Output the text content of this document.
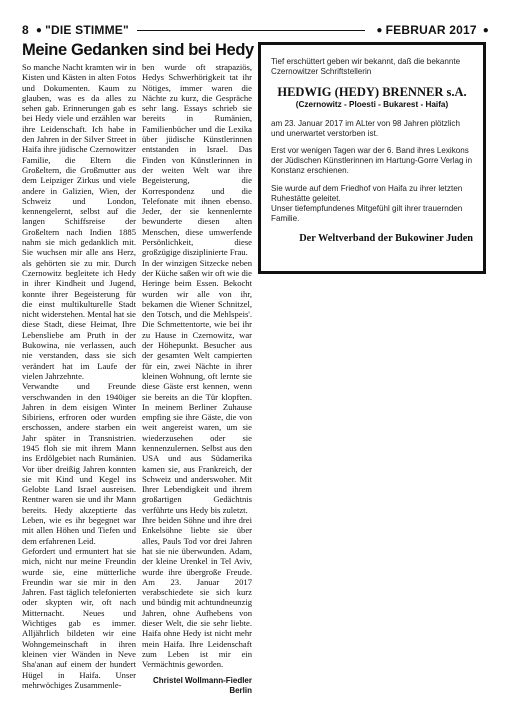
8 ● "DIE STIMME"	● FEBRUAR 2017 ●
Meine Gedanken sind bei Hedy

So manche Nacht kramten wir in Kisten und Kästen in alten Fotos und Dokumenten. Kaum zu glauben, was es da alles zu sehen gab. Erinnerungen gab es bei Hedy viele und erzählen war ihre Leidenschaft. Ich habe in den Jahren in der Silver Street in Haifa ihre jüdische Czernowitzer Familie, die Eltern die Großeltern, die Großmutter aus dem Leipziger Zirkus und viele andere in Galizien, Wien, der Schweiz und London, kennengelernt, selbst auf die langen Schiffsreise der Großeltern nach Indien 1885 nahm sie mich gedanklich mit. Sie wuchsen mir alle ans Herz, als gehörten sie zu mir. Durch Czernowitz begleitete ich Hedy in ihrer Kindheit und Jugend, konnte ihrer Begeisterung für die einst multikulturelle Stadt nicht widerstehen. Mental hat sie diese Stadt, diese Heimat, Ihre Lebensliebe am Pruth in der Bukowina, nie verlassen, auch nie verstanden, dass sie sich verändert hat im Laufe der vielen Jahrzehnte.

Verwandte und Freunde verschwanden in den 1940iger Jahren in dem eisigen Winter Sibiriens, erfroren oder wurden erschossen, andere starben ein Jahr später in Transnistrien. 1945 floh sie mit ihrem Mann ins Erdölgebiet nach Rumänien. Vor über dreißig Jahren konnten sie mit Kind und Kegel ins Gelobte Land Israel ausreisen. Rentner waren sie und ihr Mann bereits. Hedy akzeptierte das Leben, wie es ihr begegnet war mit allen Höhen und Tiefen und dem erfahrenen Leid.

Gefordert und ermuntert hat sie mich, nicht nur meine Freundin wurde sie, eine mütterliche Freundin war sie mir in den Jahren. Fast täglich telefonierten oder skypten wir, oft nach Mitternacht. Neues und Wichtiges gab es immer. Alljährlich bildeten wir eine Wohngemeinschaft in ihren kleinen vier Wänden in Neve Sha'anan auf einem der hundert Hügel in Haifa. Unser mehrwöchiges Zusammenle-

ben wurde oft strapaziös, Hedys Schwerhörigkeit tat ihr Nötiges, immer waren die Nächte zu kurz, die Gespräche sehr lang. Essays schrieb sie bereits in Rumänien, Familienbücher und die Lexika über jüdische Künstlerinnen entstanden in Israel. Das Finden von Künstlerinnen in der weiten Welt war ihre Begeisterung, die Korrespondenz und die Telefonate mit ihnen ebenso. Jeder, der sie kennenlernte bewunderte diesen alten Menschen, diese umwerfende Persönlichkeit, diese großzügige disziplinierte Frau.

In der winzigen Sitzecke neben der Küche saßen wir oft wie die Heringe beim Essen. Bekocht wurden wir alle von ihr, bekamen die Wiener Schnitzel, den Totsch, und die Mehlspeis'. Die Schmettentorte, wie bei ihr zu Hause in Czernowitz, war der Höhepunkt. Besucher aus der gesamten Welt campierten für ein, zwei Nächte in ihrer kleinen Wohnung, oft lernte sie diese Gäste erst kennen, wenn sie bereits an die Tür klopften. In meinem Berliner Zuhause empfing sie ihre Gäste, die von weit angereist waren, um sie wiederzusehen oder sie kennenzulernen. Selbst aus den USA und aus Südamerika kamen sie, aus Frankreich, der Schweiz und anderswoher. Mit Ihrer Lebendigkeit und ihrem großartigen Gedächtnis verführte uns Hedy bis zuletzt.

Ihre beiden Söhne und ihre drei Enkelsöhne liebte sie über alles, Pauls Tod vor drei Jahren hat sie nie überwunden. Adam, der kleine Urenkel in Tel Aviv, wurde ihre übergroße Freude. Am 23. Januar 2017 verabschiedete sie sich kurz und bündig mit achtundneunzig Jahren, ohne Aufhebens von dieser Welt, die sie sehr liebte. Haifa ohne Hedy ist nicht mehr mein Haifa. Ihre Leidenschaft zum Leben ist mir ein Vermächtnis geworden.

Christel Wollmann-Fiedler
Berlin

Tief erschüttert geben wir bekannt, daß die bekannte Czernowitzer Schriftstellerin

HEDWIG (HEDY) BRENNER s.A.
(Czernowitz - Ploesti - Bukarest - Haifa)

am 23. Januar 2017 im ALter von 98 Jahren plötzlich und unerwartet verstorben ist.

Erst vor wenigen Tagen war der 6. Band ihres Lexikons der Jüdischen Künstlerinnen im Hartung-Gorre Verlag in Konstanz erschienen.

Sie wurde auf dem Friedhof von Haifa zu ihrer letzten Ruhestätte geleitet.

Unser tiefempfundenes Mitgefühl gilt ihrer trauernden Familie.

Der Weltverband der Bukowiner Juden
